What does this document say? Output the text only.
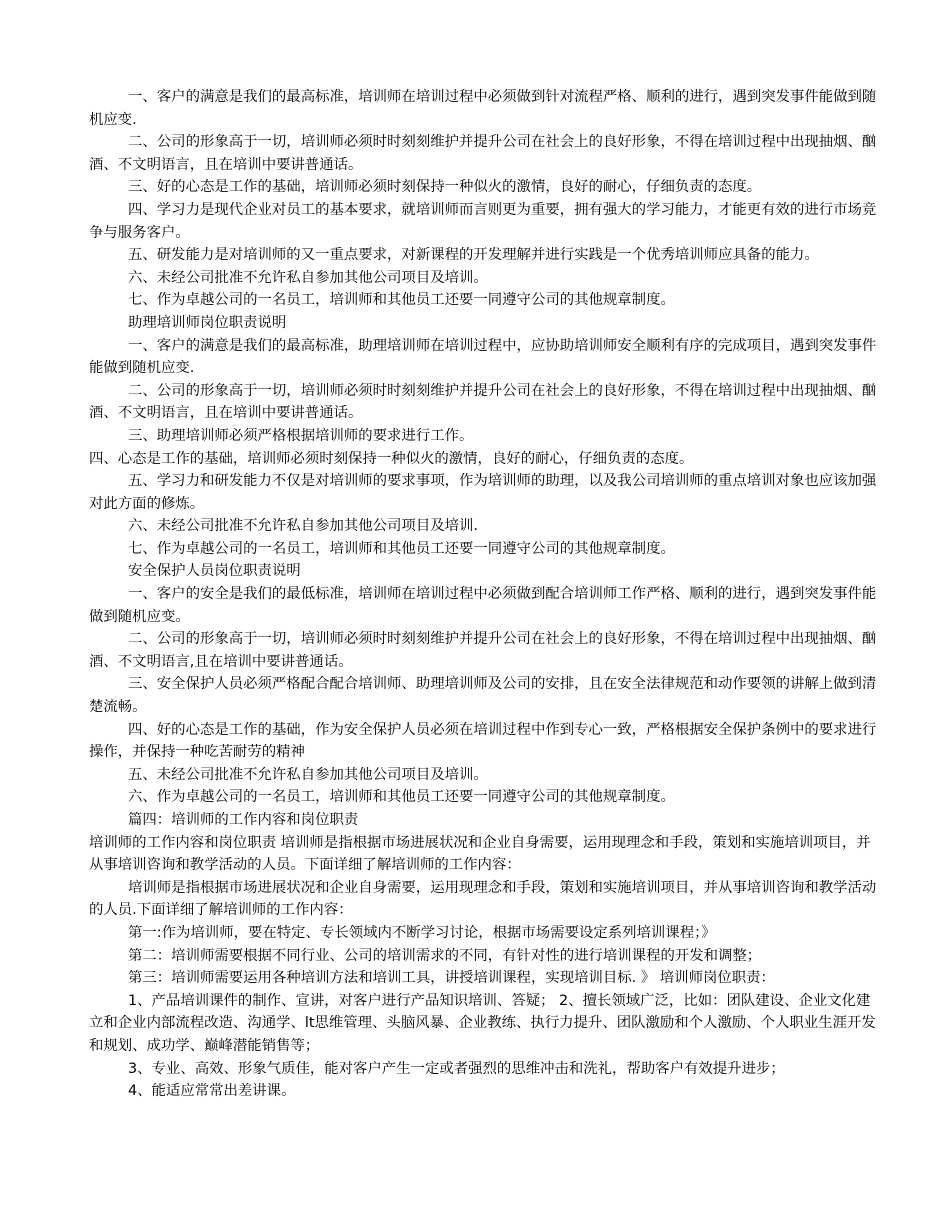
一、客户的满意是我们的最高标准，培训师在培训过程中必须做到针对流程严格、顺利的进行，遇到突发事件能做到随机应变.

二、公司的形象高于一切，培训师必须时时刻刻维护并提升公司在社会上的良好形象，不得在培训过程中出现抽烟、酗酒、不文明语言，且在培训中要讲普通话。

三、好的心态是工作的基础，培训师必须时刻保持一种似火的激情，良好的耐心，仔细负责的态度。

四、学习力是现代企业对员工的基本要求，就培训师而言则更为重要，拥有强大的学习能力，才能更有效的进行市场竞争与服务客户。

五、研发能力是对培训师的又一重点要求，对新课程的开发理解并进行实践是一个优秀培训师应具备的能力。

六、未经公司批准不允许私自参加其他公司项目及培训。

七、作为卓越公司的一名员工，培训师和其他员工还要一同遵守公司的其他规章制度。

助理培训师岗位职责说明

一、客户的满意是我们的最高标准，助理培训师在培训过程中，应协助培训师安全顺利有序的完成项目，遇到突发事件能做到随机应变.

二、公司的形象高于一切，培训师必须时时刻刻维护并提升公司在社会上的良好形象，不得在培训过程中出现抽烟、酗酒、不文明语言，且在培训中要讲普通话。

三、助理培训师必须严格根据培训师的要求进行工作。

四、心态是工作的基础，培训师必须时刻保持一种似火的激情，良好的耐心，仔细负责的态度。

五、学习力和研发能力不仅是对培训师的要求事项，作为培训师的助理，以及我公司培训师的重点培训对象也应该加强对此方面的修炼。

六、未经公司批准不允许私自参加其他公司项目及培训.

七、作为卓越公司的一名员工，培训师和其他员工还要一同遵守公司的其他规章制度。

安全保护人员岗位职责说明

一、客户的安全是我们的最低标准，培训师在培训过程中必须做到配合培训师工作严格、顺利的进行，遇到突发事件能做到随机应变。

二、公司的形象高于一切，培训师必须时时刻刻维护并提升公司在社会上的良好形象，不得在培训过程中出现抽烟、酗酒、不文明语言,且在培训中要讲普通话。

三、安全保护人员必须严格配合配合培训师、助理培训师及公司的安排，且在安全法律规范和动作要领的讲解上做到清楚流畅。

四、好的心态是工作的基础，作为安全保护人员必须在培训过程中作到专心一致，严格根据安全保护条例中的要求进行操作，并保持一种吃苦耐劳的精神

五、未经公司批准不允许私自参加其他公司项目及培训。

六、作为卓越公司的一名员工，培训师和其他员工还要一同遵守公司的其他规章制度。

篇四：培训师的工作内容和岗位职责

培训师的工作内容和岗位职责 培训师是指根据市场进展状况和企业自身需要，运用现理念和手段，策划和实施培训项目，并从事培训咨询和教学活动的人员。下面详细了解培训师的工作内容：

培训师是指根据市场进展状况和企业自身需要，运用现理念和手段，策划和实施培训项目，并从事培训咨询和教学活动的人员.下面详细了解培训师的工作内容：

第一:作为培训师，要在特定、专长领域内不断学习讨论，根据市场需要设定系列培训课程；》

第二：培训师需要根据不同行业、公司的培训需求的不同，有针对性的进行培训课程的开发和调整；

第三：培训师需要运用各种培训方法和培训工具，讲授培训课程，实现培训目标. 》 培训师岗位职责：

1、产品培训课件的制作、宣讲，对客户进行产品知识培训、答疑； 2、擅长领域广泛，比如：团队建设、企业文化建立和企业内部流程改造、沟通学、lt思维管理、头脑风暴、企业教练、执行力提升、团队激励和个人激励、个人职业生涯开发和规划、成功学、巅峰潜能销售等；

3、专业、高效、形象气质佳，能对客户产生一定或者强烈的思维冲击和洗礼，帮助客户有效提升进步；

4、能适应常常出差讲课。
